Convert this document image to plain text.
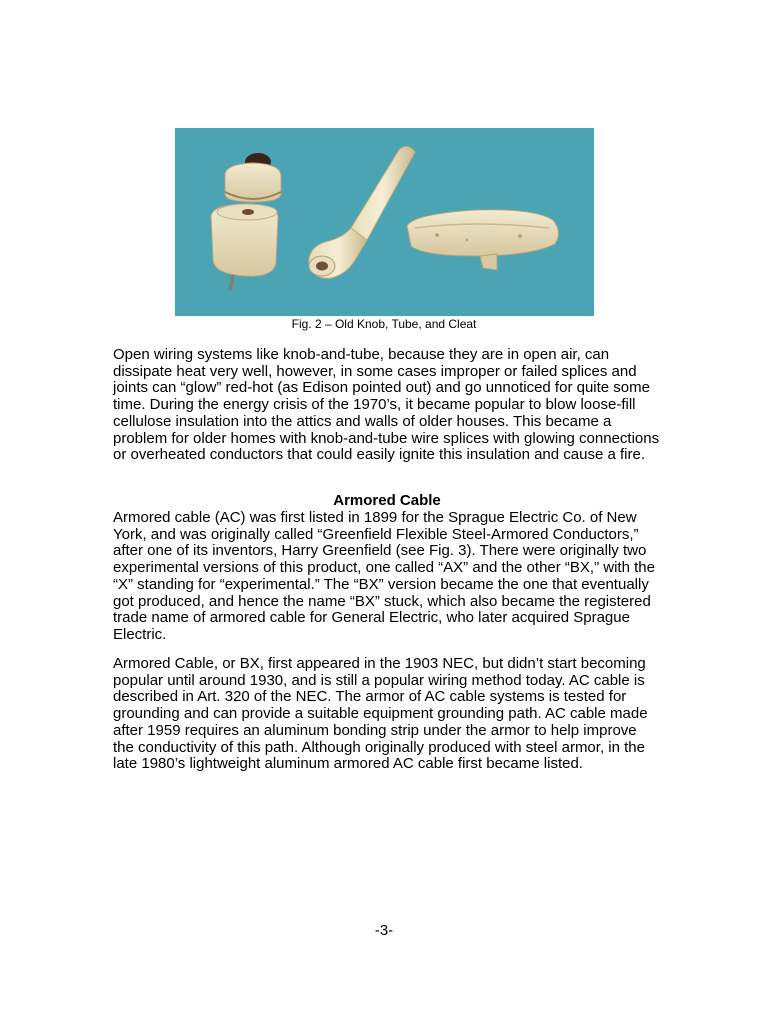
Fig. 2 – Old Knob, Tube, and Cleat

Open wiring systems like knob-and-tube, because they are in open air, can dissipate heat very well, however, in some cases improper or failed splices and joints can “glow” red-hot (as Edison pointed out) and go unnoticed for quite some time. During the energy crisis of the 1970’s, it became popular to blow loose-fill cellulose insulation into the attics and walls of older houses. This became a problem for older homes with knob-and-tube wire splices with glowing connections or overheated conductors that could easily ignite this insulation and cause a fire.

Armored Cable

Armored cable (AC) was first listed in 1899 for the Sprague Electric Co. of New York, and was originally called “Greenfield Flexible Steel-Armored Conductors,” after one of its inventors, Harry Greenfield (see Fig. 3). There were originally two experimental versions of this product, one called “AX” and the other “BX,” with the “X” standing for “experimental.” The “BX” version became the one that eventually got produced, and hence the name “BX” stuck, which also became the registered trade name of armored cable for General Electric, who later acquired Sprague Electric.

Armored Cable, or BX, first appeared in the 1903 NEC, but didn’t start becoming popular until around 1930, and is still a popular wiring method today. AC cable is described in Art. 320 of the NEC. The armor of AC cable systems is tested for grounding and can provide a suitable equipment grounding path. AC cable made after 1959 requires an aluminum bonding strip under the armor to help improve the conductivity of this path. Although originally produced with steel armor, in the late 1980’s lightweight aluminum armored AC cable first became listed.

-3-
